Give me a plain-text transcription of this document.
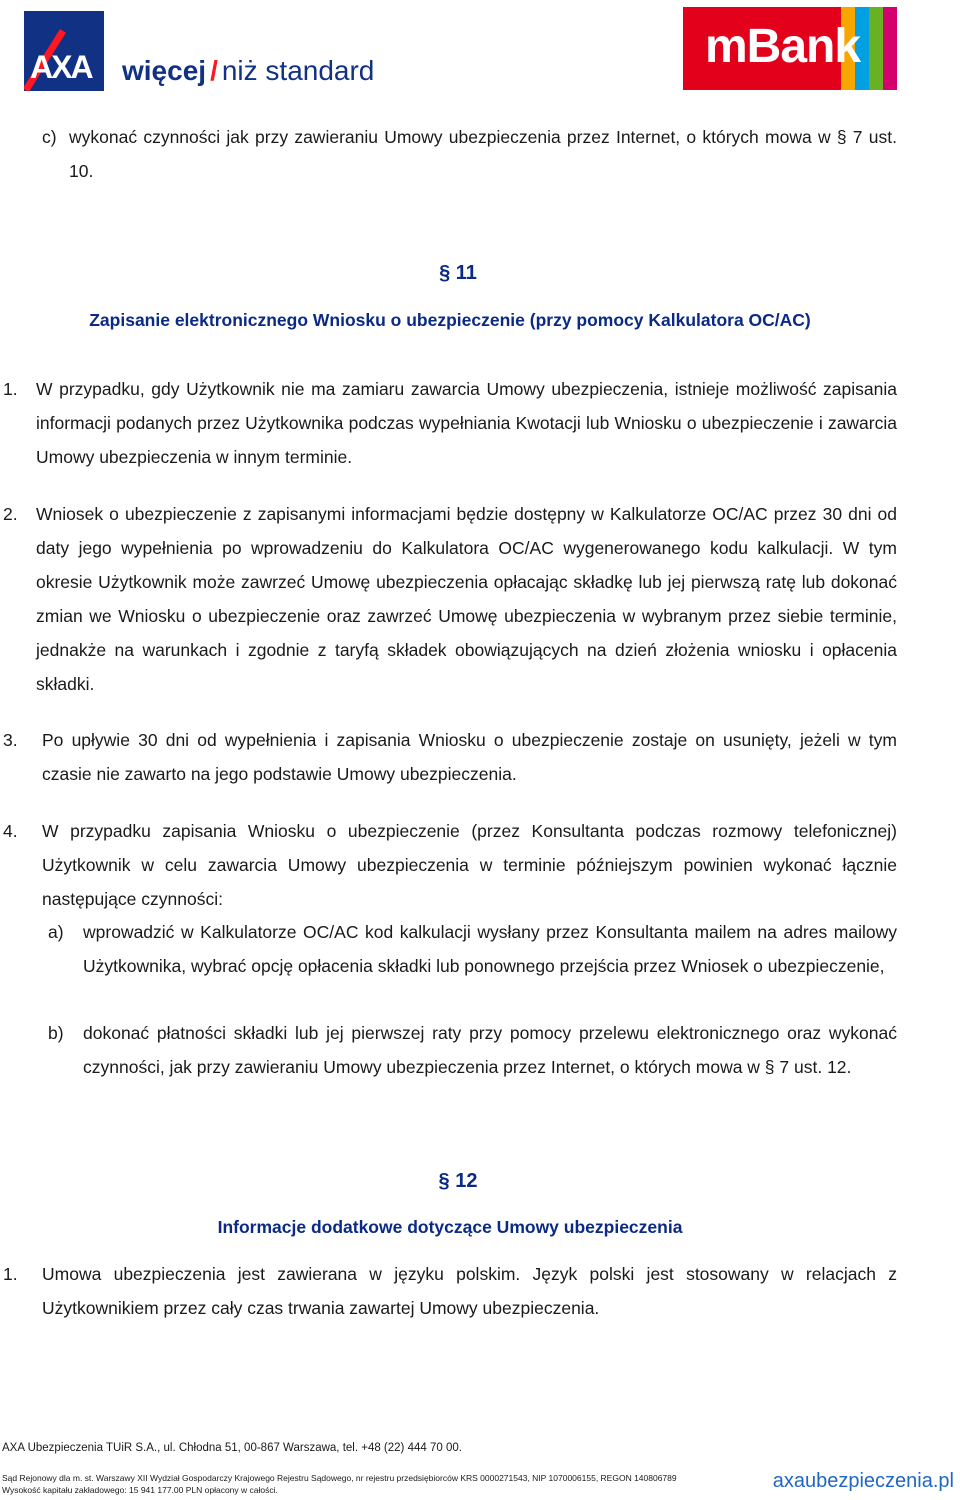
AXA więcej / niż standard	mBank
c) wykonać czynności jak przy zawieraniu Umowy ubezpieczenia przez Internet, o których mowa w § 7 ust. 10.
§ 11
Zapisanie elektronicznego Wniosku o ubezpieczenie (przy pomocy Kalkulatora OC/AC)
1. W przypadku, gdy Użytkownik nie ma zamiaru zawarcia Umowy ubezpieczenia, istnieje możliwość zapisania informacji podanych przez Użytkownika podczas wypełniania Kwotacji lub Wniosku o ubezpieczenie i zawarcia Umowy ubezpieczenia w innym terminie.
2. Wniosek o ubezpieczenie z zapisanymi informacjami będzie dostępny w Kalkulatorze OC/AC przez 30 dni od daty jego wypełnienia po wprowadzeniu do Kalkulatora OC/AC wygenerowanego kodu kalkulacji. W tym okresie Użytkownik może zawrzeć Umowę ubezpieczenia opłacając składkę lub jej pierwszą ratę lub dokonać zmian we Wniosku o ubezpieczenie oraz zawrzeć Umowę ubezpieczenia w wybranym przez siebie terminie, jednakże na warunkach i zgodnie z taryfą składek obowiązujących na dzień złożenia wniosku i opłacenia składki.
3. Po upływie 30 dni od wypełnienia i zapisania Wniosku o ubezpieczenie zostaje on usunięty, jeżeli w tym czasie nie zawarto na jego podstawie Umowy ubezpieczenia.
4. W przypadku zapisania Wniosku o ubezpieczenie (przez Konsultanta podczas rozmowy telefonicznej) Użytkownik w celu zawarcia Umowy ubezpieczenia w terminie późniejszym powinien wykonać łącznie następujące czynności:
a) wprowadzić w Kalkulatorze OC/AC kod kalkulacji wysłany przez Konsultanta mailem na adres mailowy Użytkownika, wybrać opcję opłacenia składki lub ponownego przejścia przez Wniosek o ubezpieczenie,
b) dokonać płatności składki lub jej pierwszej raty przy pomocy przelewu elektronicznego oraz wykonać czynności, jak przy zawieraniu Umowy ubezpieczenia przez Internet, o których mowa w § 7 ust. 12.
§ 12
Informacje dodatkowe dotyczące Umowy ubezpieczenia
1. Umowa ubezpieczenia jest zawierana w języku polskim. Język polski jest stosowany w relacjach z Użytkownikiem przez cały czas trwania zawartej Umowy ubezpieczenia.
AXA Ubezpieczenia TUiR S.A., ul. Chłodna 51, 00-867 Warszawa, tel. +48 (22) 444 70 00.
Sąd Rejonowy dla m. st. Warszawy XII Wydział Gospodarczy Krajowego Rejestru Sądowego, nr rejestru przedsiębiorców KRS 0000271543, NIP 1070006155, REGON 140806789
Wysokość kapitału zakładowego: 15 941 177.00 PLN opłacony w całości.	axaubezpieczenia.pl
